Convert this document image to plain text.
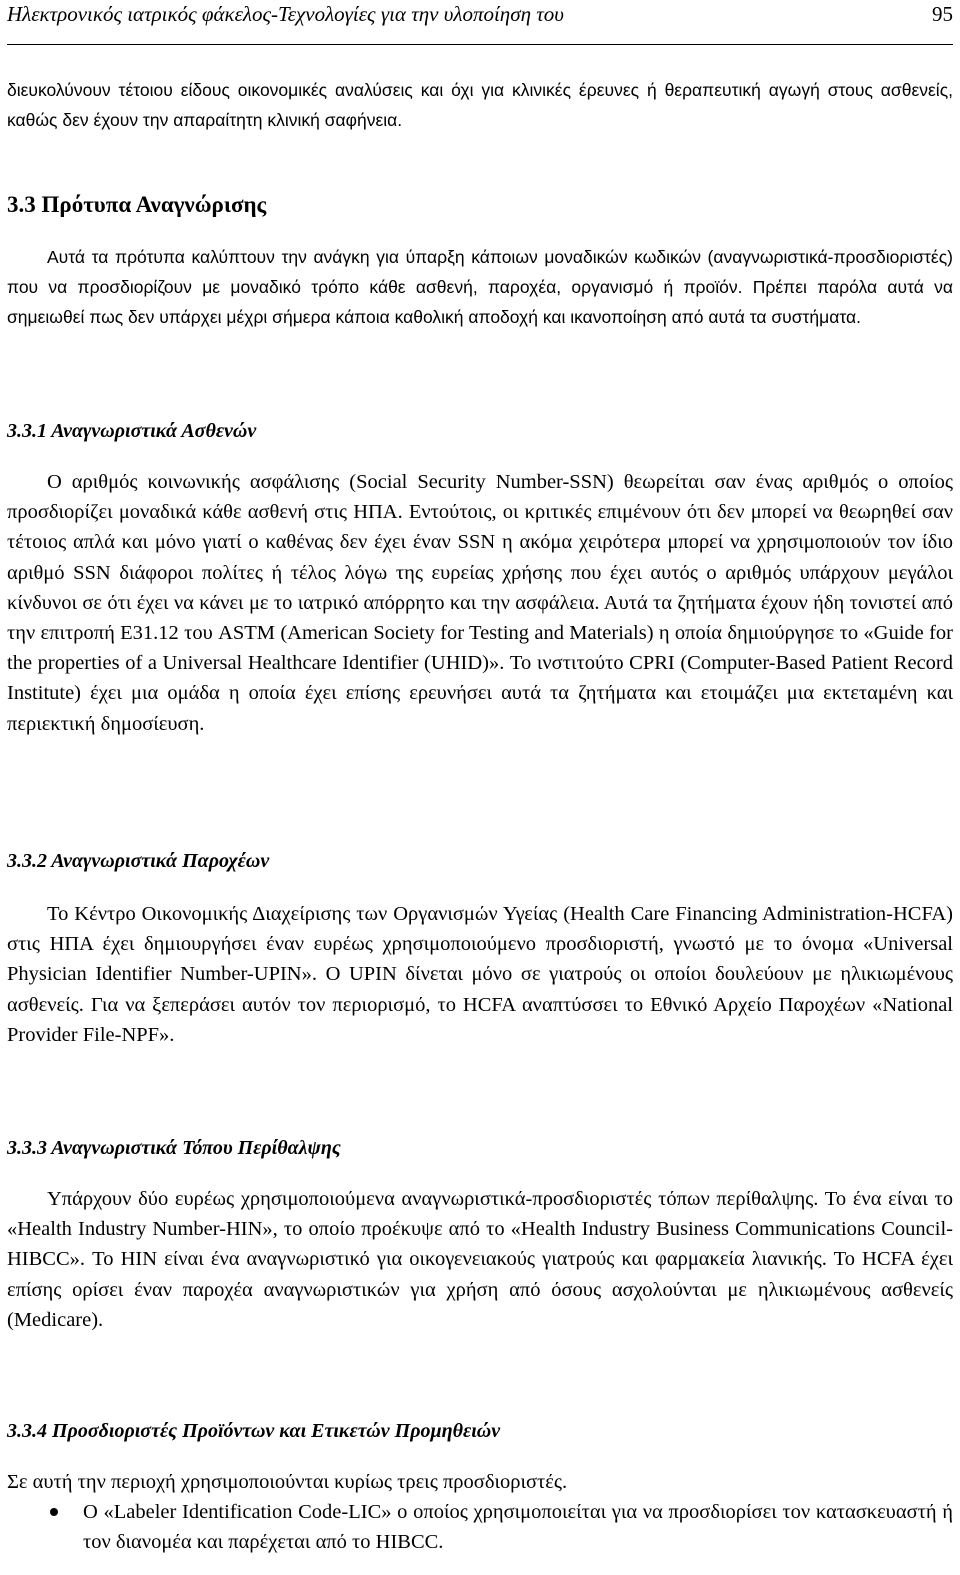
Ηλεκτρονικός ιατρικός φάκελος-Τεχνολογίες για την υλοποίηση του	95

διευκολύνουν τέτοιου είδους οικονομικές αναλύσεις και όχι για κλινικές έρευνες ή θεραπευτική αγωγή στους ασθενείς, καθώς δεν έχουν την απαραίτητη κλινική σαφήνεια.

3.3 Πρότυπα Αναγνώρισης

Αυτά τα πρότυπα καλύπτουν την ανάγκη για ύπαρξη κάποιων μοναδικών κωδικών (αναγνωριστικά-προσδιοριστές) που να προσδιορίζουν με μοναδικό τρόπο κάθε ασθενή, παροχέα, οργανισμό ή προϊόν. Πρέπει παρόλα αυτά να σημειωθεί πως δεν υπάρχει μέχρι σήμερα κάποια καθολική αποδοχή και ικανοποίηση από αυτά τα συστήματα.

3.3.1 Αναγνωριστικά Ασθενών

Ο αριθμός κοινωνικής ασφάλισης (Social Security Number-SSN) θεωρείται σαν ένας αριθμός ο οποίος προσδιορίζει μοναδικά κάθε ασθενή στις ΗΠΑ. Εντούτοις, οι κριτικές επιμένουν ότι δεν μπορεί να θεωρηθεί σαν τέτοιος απλά και μόνο γιατί ο καθένας δεν έχει έναν SSN η ακόμα χειρότερα μπορεί να χρησιμοποιούν τον ίδιο αριθμό SSN διάφοροι πολίτες ή τέλος λόγω της ευρείας χρήσης που έχει αυτός ο αριθμός υπάρχουν μεγάλοι κίνδυνοι σε ότι έχει να κάνει με το ιατρικό απόρρητο και την ασφάλεια. Αυτά τα ζητήματα έχουν ήδη τονιστεί από την επιτροπή E31.12 του ASTM (American Society for Testing and Materials) η οποία δημιούργησε το «Guide for the properties of a Universal Healthcare Identifier (UHID)». Το ινστιτούτο CPRI (Computer-Based Patient Record Institute) έχει μια ομάδα η οποία έχει επίσης ερευνήσει αυτά τα ζητήματα και ετοιμάζει μια εκτεταμένη και περιεκτική δημοσίευση.

3.3.2 Αναγνωριστικά Παροχέων

Το Κέντρο Οικονομικής Διαχείρισης των Οργανισμών Υγείας (Health Care Financing Administration-HCFA) στις ΗΠΑ έχει δημιουργήσει έναν ευρέως χρησιμοποιούμενο προσδιοριστή, γνωστό με το όνομα «Universal Physician Identifier Number-UPIN». Ο UPIN δίνεται μόνο σε γιατρούς οι οποίοι δουλεύουν με ηλικιωμένους ασθενείς. Για να ξεπεράσει αυτόν τον περιορισμό, το HCFA αναπτύσσει το Εθνικό Αρχείο Παροχέων «National Provider File-NPF».

3.3.3 Αναγνωριστικά Τόπου Περίθαλψης

Υπάρχουν δύο ευρέως χρησιμοποιούμενα αναγνωριστικά-προσδιοριστές τόπων περίθαλψης. Το ένα είναι το «Health Industry Number-HIN», το οποίο προέκυψε από το «Health Industry Business Communications Council-HIBCC». Το HIN είναι ένα αναγνωριστικό για οικογενειακούς γιατρούς και φαρμακεία λιανικής. Το HCFA έχει επίσης ορίσει έναν παροχέα αναγνωριστικών για χρήση από όσους ασχολούνται με ηλικιωμένους ασθενείς (Medicare).

3.3.4 Προσδιοριστές Προϊόντων και Ετικετών Προμηθειών

Σε αυτή την περιοχή χρησιμοποιούνται κυρίως τρεις προσδιοριστές.

Ο «Labeler Identification Code-LIC» ο οποίος χρησιμοποιείται για να προσδιορίσει τον κατασκευαστή ή τον διανομέα και παρέχεται από το HIBCC.
